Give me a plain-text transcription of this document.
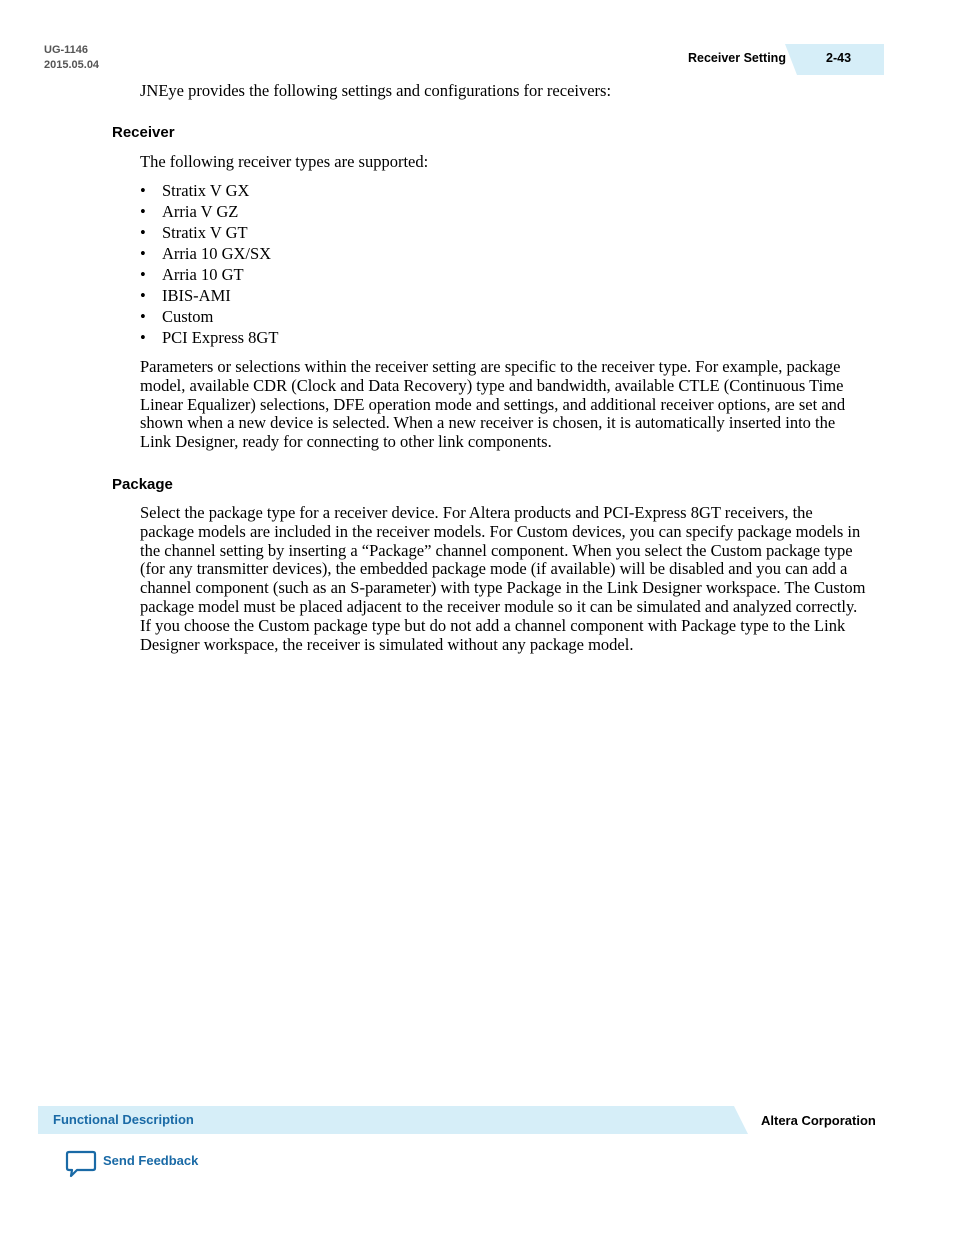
UG-1146
2015.05.04	Receiver Setting	2-43

JNEye provides the following settings and configurations for receivers:

Receiver

The following receiver types are supported:

• Stratix V GX
• Arria V GZ
• Stratix V GT
• Arria 10 GX/SX
• Arria 10 GT
• IBIS-AMI
• Custom
• PCI Express 8GT

Parameters or selections within the receiver setting are specific to the receiver type. For example, package model, available CDR (Clock and Data Recovery) type and bandwidth, available CTLE (Continuous Time Linear Equalizer) selections, DFE operation mode and settings, and additional receiver options, are set and shown when a new device is selected. When a new receiver is chosen, it is automatically inserted into the Link Designer, ready for connecting to other link components.

Package

Select the package type for a receiver device. For Altera products and PCI-Express 8GT receivers, the package models are included in the receiver models. For Custom devices, you can specify package models in the channel setting by inserting a “Package” channel component. When you select the Custom package type (for any transmitter devices), the embedded package mode (if available) will be disabled and you can add a channel component (such as an S-parameter) with type Package in the Link Designer workspace. The Custom package model must be placed adjacent to the receiver module so it can be simulated and analyzed correctly. If you choose the Custom package type but do not add a channel component with Package type to the Link Designer workspace, the receiver is simulated without any package model.

Functional Description	Altera Corporation
Send Feedback
